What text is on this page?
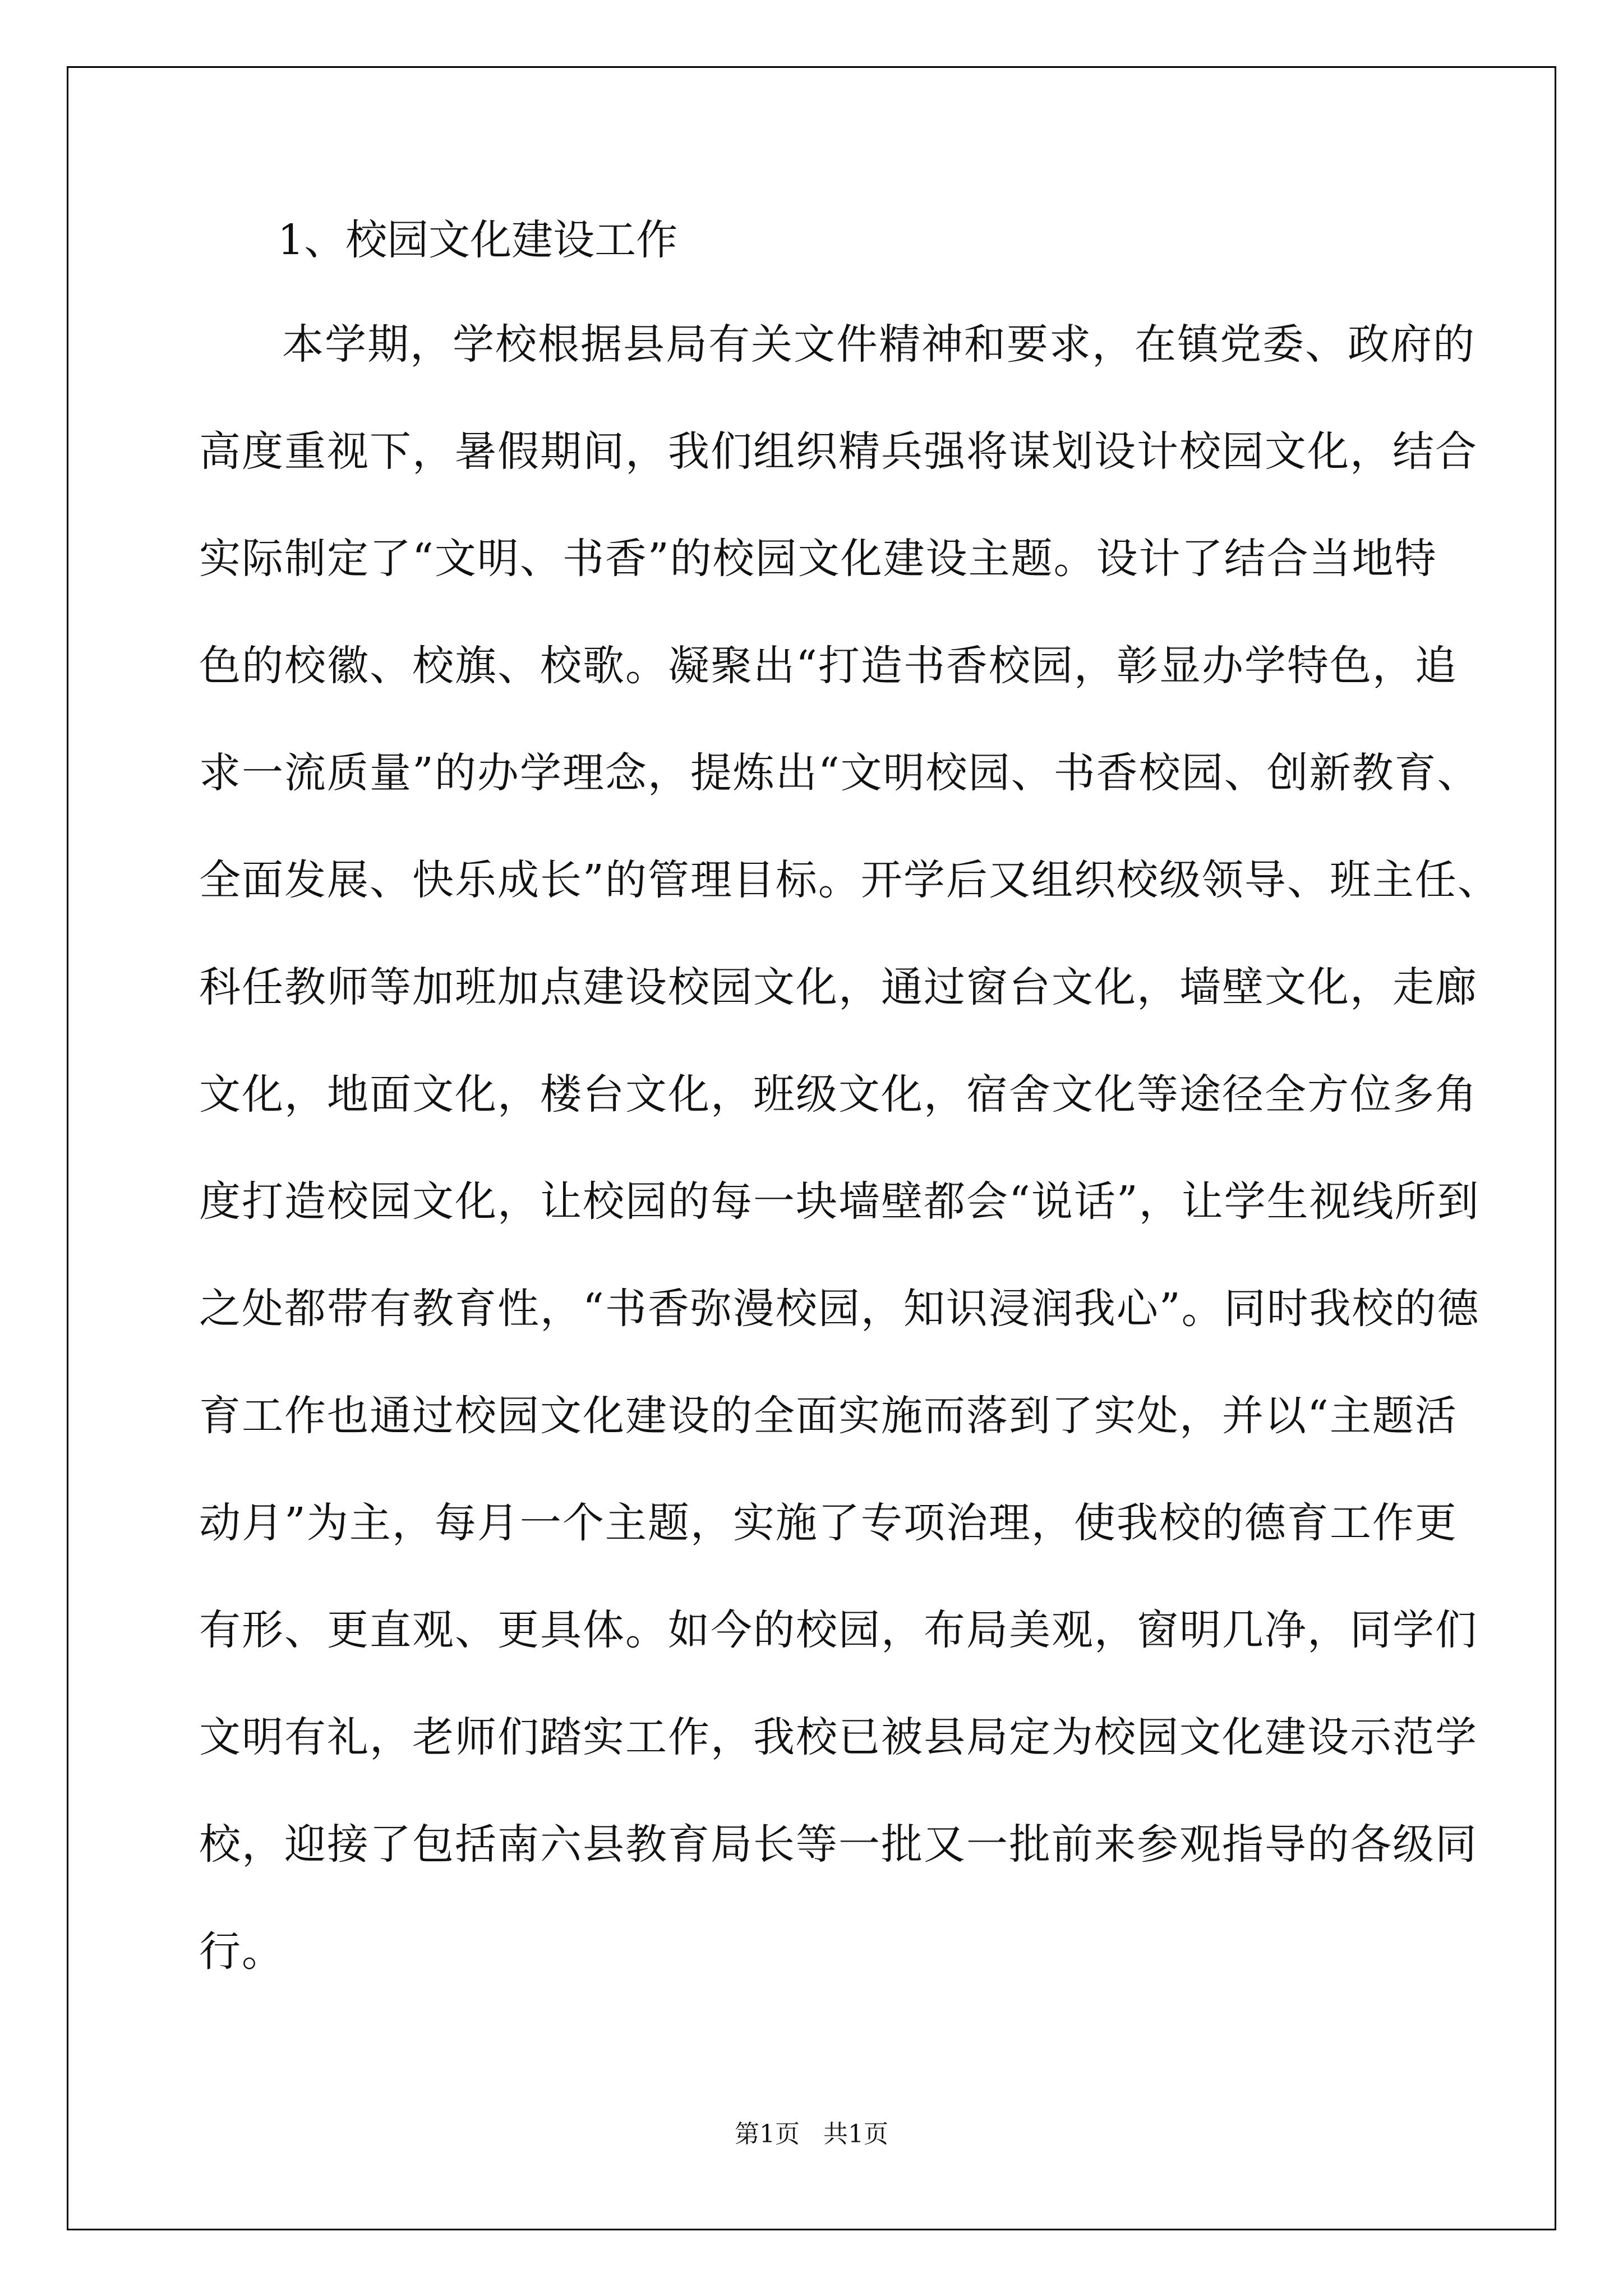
1、校园文化建设工作
本学期，学校根据县局有关文件精神和要求，在镇党委、政府的
高度重视下，暑假期间，我们组织精兵强将谋划设计校园文化，结合
实际制定了“文明、书香”的校园文化建设主题。设计了结合当地特
色的校徽、校旗、校歌。凝聚出“打造书香校园，彰显办学特色，追
求一流质量”的办学理念，提炼出“文明校园、书香校园、创新教育、
全面发展、快乐成长”的管理目标。开学后又组织校级领导、班主任、
科任教师等加班加点建设校园文化，通过窗台文化，墙壁文化，走廊
文化，地面文化，楼台文化，班级文化，宿舍文化等途径全方位多角
度打造校园文化，让校园的每一块墙壁都会“说话”，让学生视线所到
之处都带有教育性，“书香弥漫校园，知识浸润我心”。同时我校的德
育工作也通过校园文化建设的全面实施而落到了实处，并以“主题活
动月”为主，每月一个主题，实施了专项治理，使我校的德育工作更
有形、更直观、更具体。如今的校园，布局美观，窗明几净，同学们
文明有礼，老师们踏实工作，我校已被县局定为校园文化建设示范学
校，迎接了包括南六县教育局长等一批又一批前来参观指导的各级同
行。
第1页 共1页
